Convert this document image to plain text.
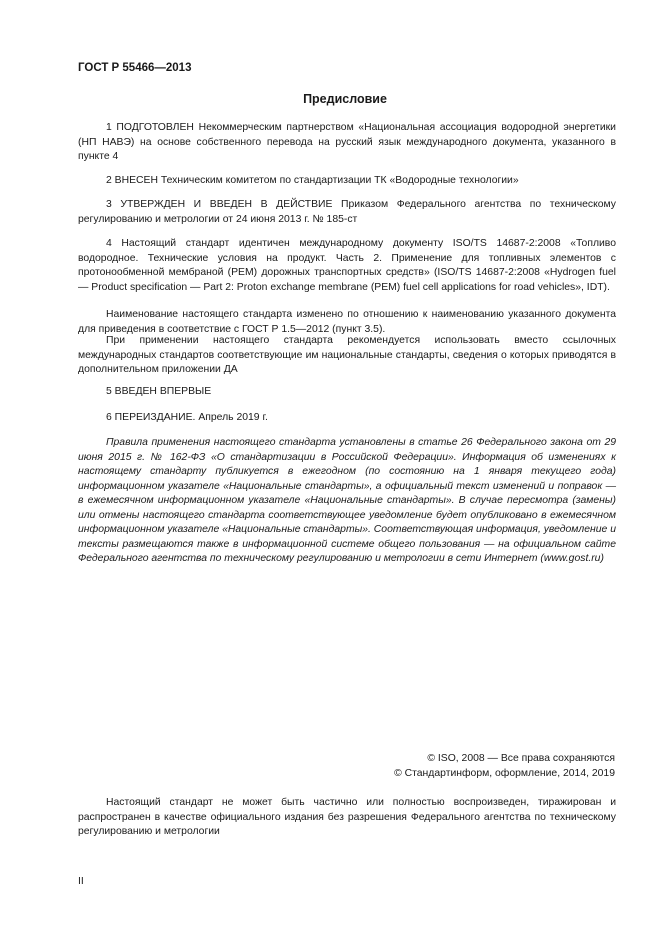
ГОСТ Р 55466—2013
Предисловие

1 ПОДГОТОВЛЕН Некоммерческим партнерством «Национальная ассоциация водородной энергетики (НП НАВЭ) на основе собственного перевода на русский язык международного документа, указанного в пункте 4

2 ВНЕСЕН Техническим комитетом по стандартизации ТК «Водородные технологии»

3 УТВЕРЖДЕН И ВВЕДЕН В ДЕЙСТВИЕ Приказом Федерального агентства по техническому регулированию и метрологии от 24 июня 2013 г. № 185-ст

4 Настоящий стандарт идентичен международному документу ISO/TS 14687-2:2008 «Топливо водородное. Технические условия на продукт. Часть 2. Применение для топливных элементов с протонообменной мембраной (PEM) дорожных транспортных средств» (ISO/TS 14687-2:2008 «Hydrogen fuel — Product specification — Part 2: Proton exchange membrane (PEM) fuel cell applications for road vehicles», IDT).

Наименование настоящего стандарта изменено по отношению к наименованию указанного документа для приведения в соответствие с ГОСТ Р 1.5—2012 (пункт 3.5).

При применении настоящего стандарта рекомендуется использовать вместо ссылочных международных стандартов соответствующие им национальные стандарты, сведения о которых приводятся в дополнительном приложении ДА

5 ВВЕДЕН ВПЕРВЫЕ

6 ПЕРЕИЗДАНИЕ. Апрель 2019 г.

Правила применения настоящего стандарта установлены в статье 26 Федерального закона от 29 июня 2015 г. № 162-ФЗ «О стандартизации в Российской Федерации». Информация об изменениях к настоящему стандарту публикуется в ежегодном (по состоянию на 1 января текущего года) информационном указателе «Национальные стандарты», а официальный текст изменений и поправок — в ежемесячном информационном указателе «Национальные стандарты». В случае пересмотра (замены) или отмены настоящего стандарта соответствующее уведомление будет опубликовано в ежемесячном информационном указателе «Национальные стандарты». Соответствующая информация, уведомление и тексты размещаются также в информационной системе общего пользования — на официальном сайте Федерального агентства по техническому регулированию и метрологии в сети Интернет (www.gost.ru)

© ISO, 2008 — Все права сохраняются
© Стандартинформ, оформление, 2014, 2019

Настоящий стандарт не может быть частично или полностью воспроизведен, тиражирован и распространен в качестве официального издания без разрешения Федерального агентства по техническому регулированию и метрологии

II
